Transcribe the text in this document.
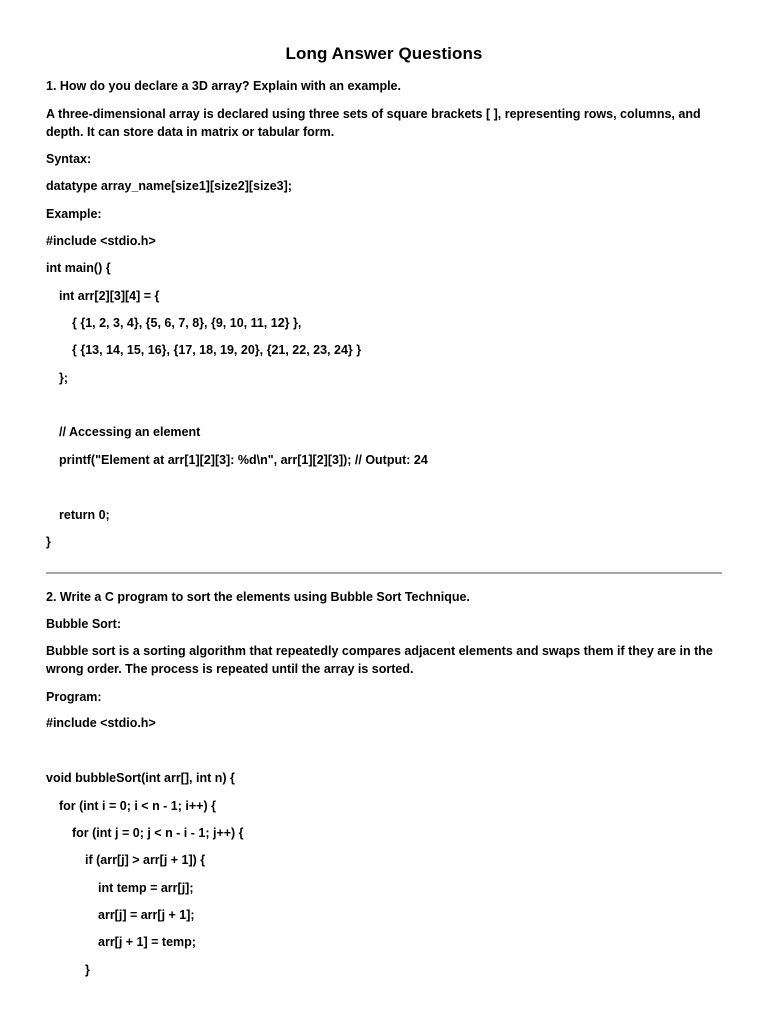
Long Answer Questions
1. How do you declare a 3D array? Explain with an example.
A three-dimensional array is declared using three sets of square brackets [ ], representing rows, columns, and depth. It can store data in matrix or tabular form.
Syntax:
datatype array_name[size1][size2][size3];
Example:
#include <stdio.h>
int main() {
int arr[2][3][4] = {
{ {1, 2, 3, 4}, {5, 6, 7, 8}, {9, 10, 11, 12} },
{ {13, 14, 15, 16}, {17, 18, 19, 20}, {21, 22, 23, 24} }
};
// Accessing an element
printf("Element at arr[1][2][3]: %d\n", arr[1][2][3]); // Output: 24
return 0;
}
2. Write a C program to sort the elements using Bubble Sort Technique.
Bubble Sort:
Bubble sort is a sorting algorithm that repeatedly compares adjacent elements and swaps them if they are in the wrong order. The process is repeated until the array is sorted.
Program:
#include <stdio.h>
void bubbleSort(int arr[], int n) {
for (int i = 0; i < n - 1; i++) {
for (int j = 0; j < n - i - 1; j++) {
if (arr[j] > arr[j + 1]) {
int temp = arr[j];
arr[j] = arr[j + 1];
arr[j + 1] = temp;
}
